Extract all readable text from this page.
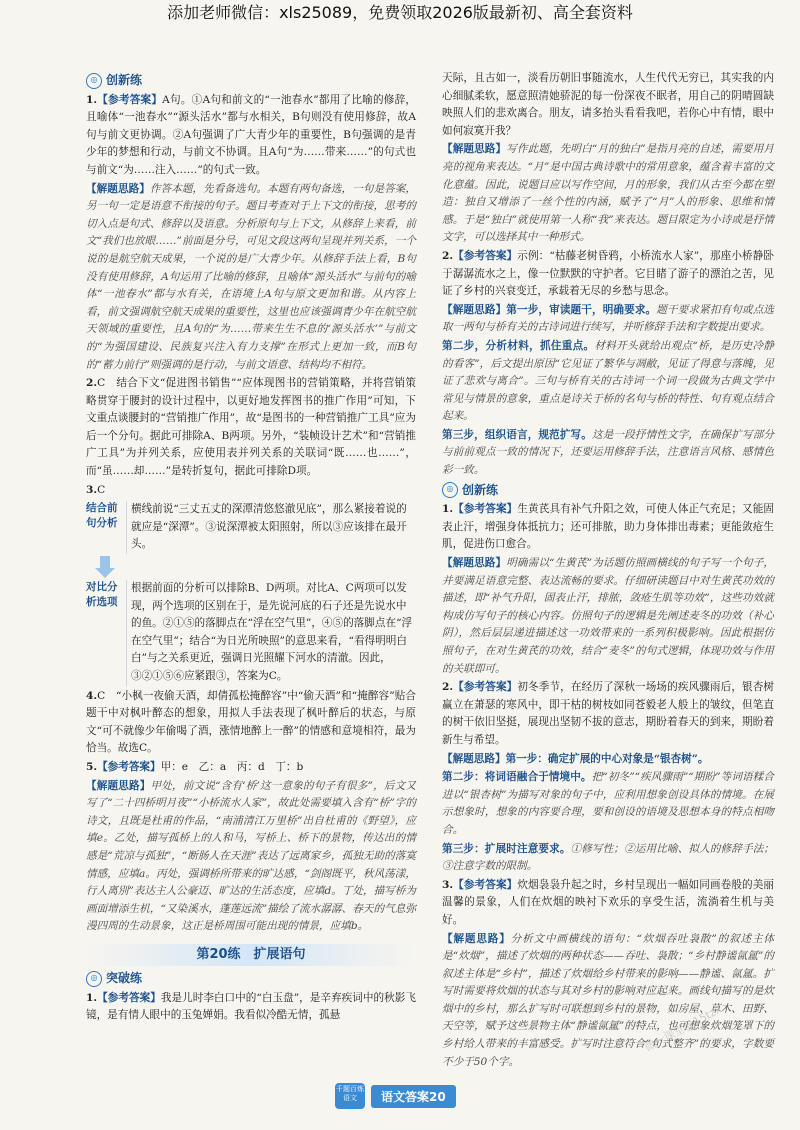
添加老师微信：xls25089，免费领取2026版最新初、高全套资料
◎ 创新练

1.【参考答案】A句。①A句和前文的“一池春水”都用了比喻的修辞，且喻体“一池春水”“源头活水”都与水相关，B句则没有使用修辞，故A句与前文更协调。②A句强调了广大青少年的重要性，B句强调的是青少年的梦想和行动，与前文不协调。且A句“为……带来……”的句式也与前文“为……注入……”的句式一致。

【解题思路】作答本题，先看备选句。本题有两句备选，一句是答案，另一句一定是语意不衔接的句子。题目考查对于上下文的衔接，思考的切入点是句式、修辞以及语意。分析原句与上下文，从修辞上来看，前文“我们也放眼……”前面是分号，可见文段这两句呈现并列关系，一个说的是航空航天成果，一个说的是广大青少年。从修辞手法上看，B句没有使用修辞，A句运用了比喻的修辞，且喻体“源头活水”与前句的喻体“一池春水”都与水有关，在语境上A句与原文更加和谐。从内容上看，前文强调航空航天成果的重要性，这里也应该强调青少年在航空航天领域的重要性，且A句的“为……带来生生不息的‘源头活水’”与前文的“为强国建设、民族复兴注入有力支撑”在形式上更加一致，而B句的“蓄力前行”则强调的是行动，与前文语意、结构均不相符。

2.C　结合下文“促进图书销售”“应体现图书的营销策略，并将营销策略贯穿于腰封的设计过程中，以更好地发挥图书的推广作用”可知，下文重点谈腰封的“营销推广作用”，故“是图书的一种营销推广工具”应为后一个分句。据此可排除A、B两项。另外，“装帧设计艺术”和“营销推广工具”为并列关系，应使用表并列关系的关联词“既……也……”，而“虽……却……”是转折复句，据此可排除D项。

3.C

结合前句分析
横线前说“三丈五丈的深潭清悠悠澈见底”，那么紧接着说的就应是“深潭”。③说深潭被太阳照射，所以③应该排在最开头。
对比分析选项
根据前面的分析可以排除B、D两项。对比A、C两项可以发现，两个选项的区别在于，是先说河底的石子还是先说水中的鱼。②①⑤的落脚点在“浮在空气里”，④⑤的落脚点在“浮在空气里”；结合“为日光所映照”的意思来看，“看得明明白白”与之关系更近，强调日光照耀下河水的清澈。因此，③②①⑤⑥应紧跟③，答案为C。

4.C　“小枫一夜偷天酒，却倩孤松掩醉容”中“偷天酒”和“掩醉容”贴合题干中对枫叶醉态的想象，用拟人手法表现了枫叶醉后的状态，与原文“可不就像少年偷喝了酒，涨情地醉上一醉”的情感和意境相符，最为恰当。故选C。

5.【参考答案】甲：e　乙：a　丙：d　丁：b

【解题思路】甲处，前文说“含有‘桥’这一意象的句子有很多”，后文又写了“二十四桥明月夜”“小桥流水人家”，故此处需要填入含有“桥”字的诗文，且既是杜甫的作品，“南浦清江万里桥”出自杜甫的《野望》，应填e。乙处，描写孤桥上的人和马，写桥上、桥下的景物，传达出的情感是“荒凉与孤独”，“断肠人在天涯”表达了远离家乡，孤独无助的落寞情感，应填a。丙处，强调桥所带来的旷达感，“剑阁既平，秋风荡漾，行人离別”表达主人公豪迈、旷达的生活态度，应填d。丁处，描写桥为画面增添生机，“又染溪水，蓬莲远流”描绘了流水潺潺、春天的气息弥漫四周的生动景象，这正是桥周围可能出现的情景，应填b。

第20练　扩展语句
◎ 突破练

1.【参考答案】我是儿时李白口中的“白玉盘”，是辛弃疾词中的秋影飞镜，是有情人眼中的玉兔婵娟。我看似冷酷无情，孤悬

天际，且古如一，淡看历朝旧事随流水，人生代代无穷已，其实我的内心细腻柔软，愿意照清她骄泥的每一份深夜不眠者，用自己的阴晴圆缺映照人们的悲欢离合。朋友，请多抬头看看我吧，若你心中有情，眼中如何寂寞开我？

【解题思路】写作此题，先明白“月的独白”是指月亮的自述，需要用月亮的视角来表达。“月”是中国古典诗歌中的常用意象，蕴含着丰富的文化意蕴。因此，说题目应以写作空间，月的形象，我们从古至今都在塑造：独自又增添了一丝个性的内涵，赋予了“月”人的形象、思维和情感。于是“独白”就使用第一人称“我”来表达。题目限定为小诗或是抒情文字，可以选择其中一种形式。

2.【参考答案】示例：“枯藤老树昏鸦，小桥流水人家”，那座小桥静卧于潺潺流水之上，像一位默默的守护者。它目睹了游子的漂泊之苦，见证了乡村的兴衰变迁，承载着无尽的乡愁与思念。

【解题思路】第一步，审读题干，明确要求。题干要求紧扣有句或点选取一两句与桥有关的古诗词进行续写，并听修辞手法和字数提出要求。

第二步，分析材料，抓住重点。材料开头就给出观点“桥，是历史冷静的看客”，后文提出原因“它见证了繁华与凋敝，见证了得意与落魄，见证了悲欢与离合”。三句与桥有关的古诗词一个词一段做为古典文学中常见与情景的意象，重点是诗关于桥的名句与桥的特性、句有观点结合起来。

第三步，组织语言，规范扩写。这是一段抒情性文字，在确保扩写部分与前前观点一致的情况下，还要运用修辞手法，注意语言风格、感情色彩一致。

◎ 创新练

1.【参考答案】生黄芪具有补气升阳之效，可使人体正气充足；又能固表止汗，增强身体抵抗力；还可排脓，助力身体排出毒素；更能敛疮生肌，促进伤口愈合。

【解题思路】明确需以“生黄芪”为话题仿照画横线的句子写一个句子，并要满足语意完整、表达流畅的要求。仔细研读题目中对生黄芪功效的描述，即“补气升阳，固表止汗，排脓，敛疮生肌等功效”，这些功效就构成仿写句子的核心内容。仿照句子的逻辑是先阐述麦冬的功效（补心阴），然后层层递进描述这一功效带来的一系列积极影响。因此根据仿照句子，在对生黄芪的功效，结合“麦冬”的句式逻辑，体现功效与作用的关联即可。

2.【参考答案】初冬季节，在经历了深秋一场场的疾风骤雨后，银杏树赢立在萧瑟的寒风中，即干枯的树枝如同苍毅老人般上的皱纹，但笔直的树干依旧坚挺，展现出坚韧不拔的意志，期盼着春天的到来，期盼着新生与希望。

【解题思路】第一步：确定扩展的中心对象是“银杏树”。

第二步：将词语融合于情境中。把“初冬”“疾风骤雨”“期盼”等词语糅合进以“银杏树”为描写对象的句子中，应利用想象创设具体的情境。在展示想象时，想象的内容要合理，要和创设的语境及思想本身的特点相吻合。

第三步：扩展时注意要求。①修写性；②运用比喻、拟人的修辞手法；③注意字数的限制。

3.【参考答案】炊烟袅袅升起之时，乡村呈现出一幅如同画卷般的美丽温馨的景象，人们在炊烟的映衬下欢乐的享受生活，流淌着生机与美好。

【解题思路】分析文中画横线的语句：“炊烟吞吐袅散”的叙述主体是“炊烟”，描述了炊烟的两种状态——吞吐、袅散；“乡村静谧氤氲”的叙述主体是“乡村”，描述了炊烟给乡村带来的影响——静谧、氤氲。扩写时需要将炊烟的状态与其对乡村的影响对应起来。画线句描写的是炊烟中的乡村，那么扩写时可联想到乡村的景物，如房屋、草木、田野、天空等，赋予这些景物主体“静谧氤氲”的特点，也可想象炊烟笼罩下的乡村给人带来的丰富感受。扩写时注意符合“句式整齐”的要求，字数要不少于50个字。

微一课堂@15tzx
千题百炼 语文	语文答案20
